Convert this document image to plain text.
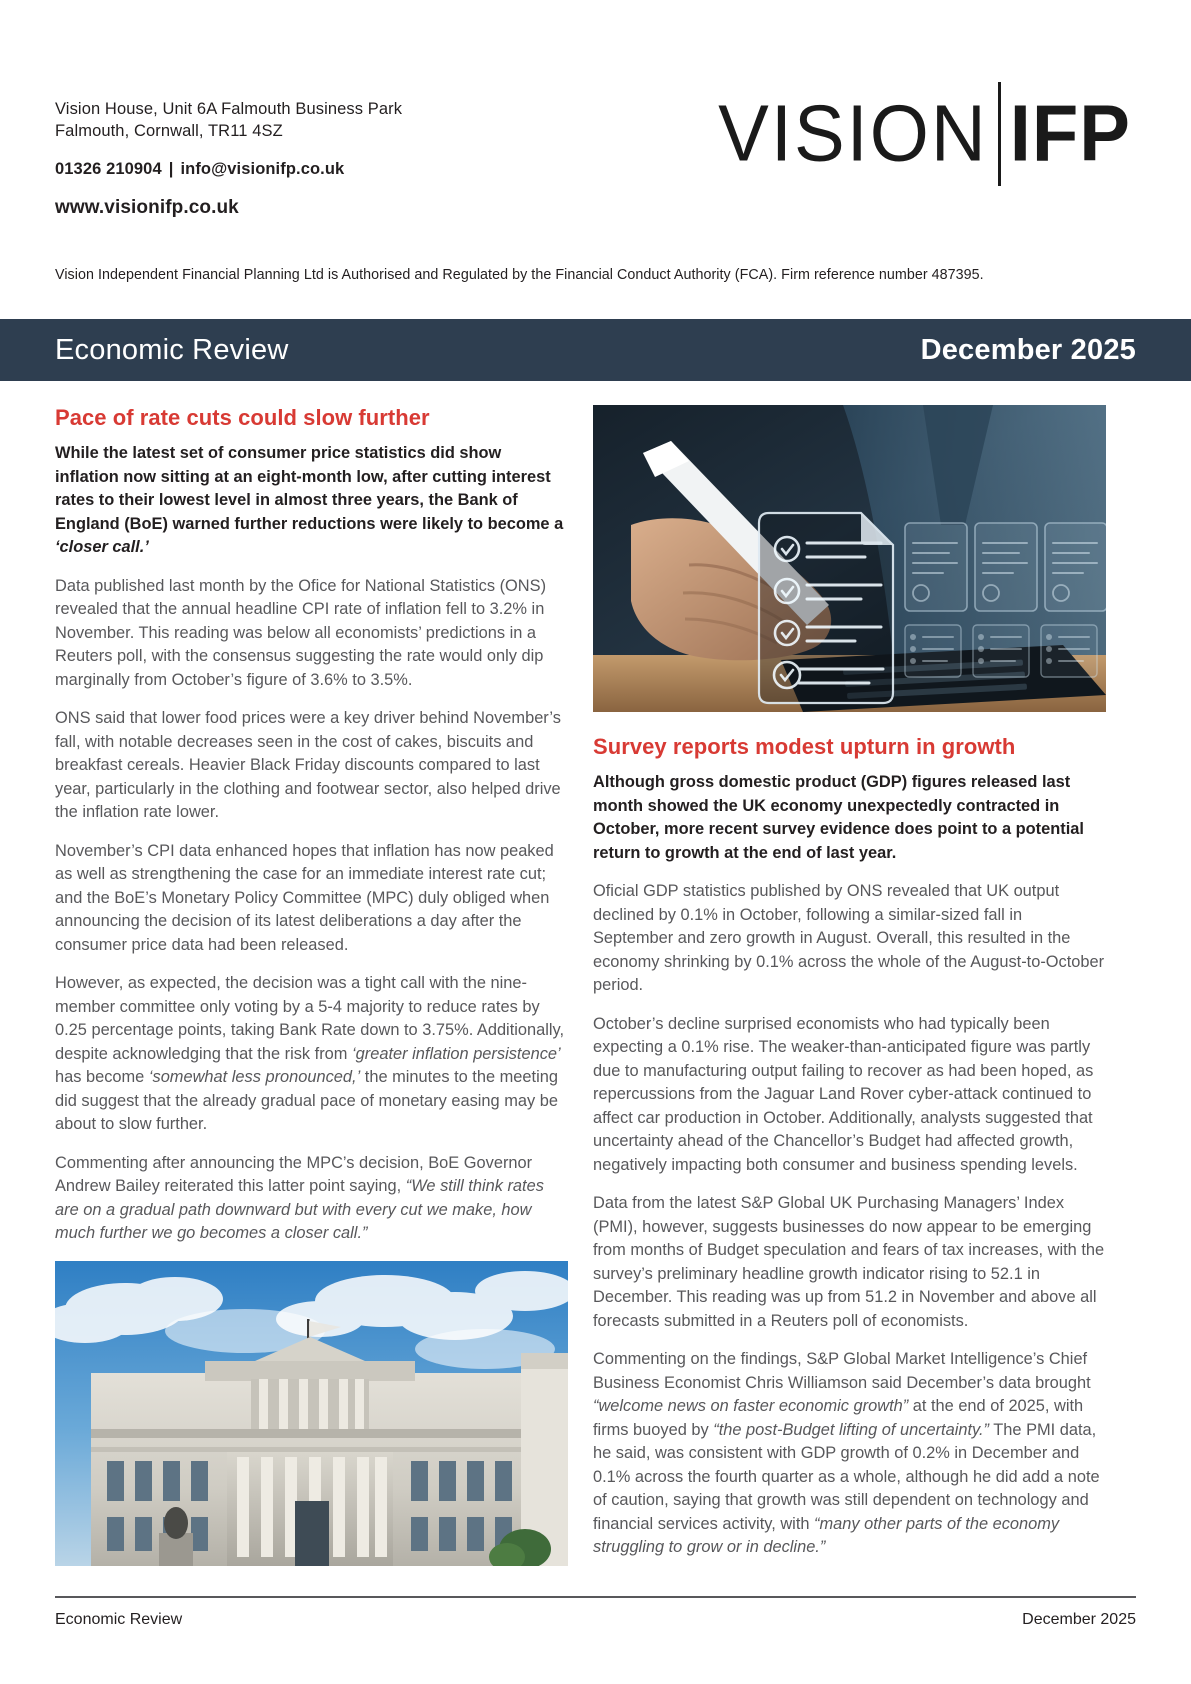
Vision House, Unit 6A Falmouth Business Park
Falmouth, Cornwall, TR11 4SZ
01326 210904 | info@visionifp.co.uk
www.visionifp.co.uk
VISION IFP
Vision Independent Financial Planning Ltd is Authorised and Regulated by the Financial Conduct Authority (FCA). Firm reference number 487395.
Economic Review	December 2025
Pace of rate cuts could slow further

While the latest set of consumer price statistics did show inflation now sitting at an eight-month low, after cutting interest rates to their lowest level in almost three years, the Bank of England (BoE) warned further reductions were likely to become a ‘closer call.’

Data published last month by the Ofice for National Statistics (ONS) revealed that the annual headline CPI rate of inflation fell to 3.2% in November. This reading was below all economists’ predictions in a Reuters poll, with the consensus suggesting the rate would only dip marginally from October’s figure of 3.6% to 3.5%.

ONS said that lower food prices were a key driver behind November’s fall, with notable decreases seen in the cost of cakes, biscuits and breakfast cereals. Heavier Black Friday discounts compared to last year, particularly in the clothing and footwear sector, also helped drive the inflation rate lower.

November’s CPI data enhanced hopes that inflation has now peaked as well as strengthening the case for an immediate interest rate cut; and the BoE’s Monetary Policy Committee (MPC) duly obliged when announcing the decision of its latest deliberations a day after the consumer price data had been released.

However, as expected, the decision was a tight call with the nine-member committee only voting by a 5-4 majority to reduce rates by 0.25 percentage points, taking Bank Rate down to 3.75%. Additionally, despite acknowledging that the risk from ‘greater inflation persistence’ has become ‘somewhat less pronounced,’ the minutes to the meeting did suggest that the already gradual pace of monetary easing may be about to slow further.

Commenting after announcing the MPC’s decision, BoE Governor Andrew Bailey reiterated this latter point saying, “We still think rates are on a gradual path downward but with every cut we make, how much further we go becomes a closer call.”

Survey reports modest upturn in growth

Although gross domestic product (GDP) figures released last month showed the UK economy unexpectedly contracted in October, more recent survey evidence does point to a potential return to growth at the end of last year.

Oficial GDP statistics published by ONS revealed that UK output declined by 0.1% in October, following a similar-sized fall in September and zero growth in August. Overall, this resulted in the economy shrinking by 0.1% across the whole of the August-to-October period.

October’s decline surprised economists who had typically been expecting a 0.1% rise. The weaker-than-anticipated figure was partly due to manufacturing output failing to recover as had been hoped, as repercussions from the Jaguar Land Rover cyber-attack continued to affect car production in October. Additionally, analysts suggested that uncertainty ahead of the Chancellor’s Budget had affected growth, negatively impacting both consumer and business spending levels.

Data from the latest S&P Global UK Purchasing Managers’ Index (PMI), however, suggests businesses do now appear to be emerging from months of Budget speculation and fears of tax increases, with the survey’s preliminary headline growth indicator rising to 52.1 in December. This reading was up from 51.2 in November and above all forecasts submitted in a Reuters poll of economists.

Commenting on the findings, S&P Global Market Intelligence’s Chief Business Economist Chris Williamson said December’s data brought “welcome news on faster economic growth” at the end of 2025, with firms buoyed by “the post-Budget lifting of uncertainty.” The PMI data, he said, was consistent with GDP growth of 0.2% in December and 0.1% across the fourth quarter as a whole, although he did add a note of caution, saying that growth was still dependent on technology and financial services activity, with “many other parts of the economy struggling to grow or in decline.”

Economic Review	December 2025
